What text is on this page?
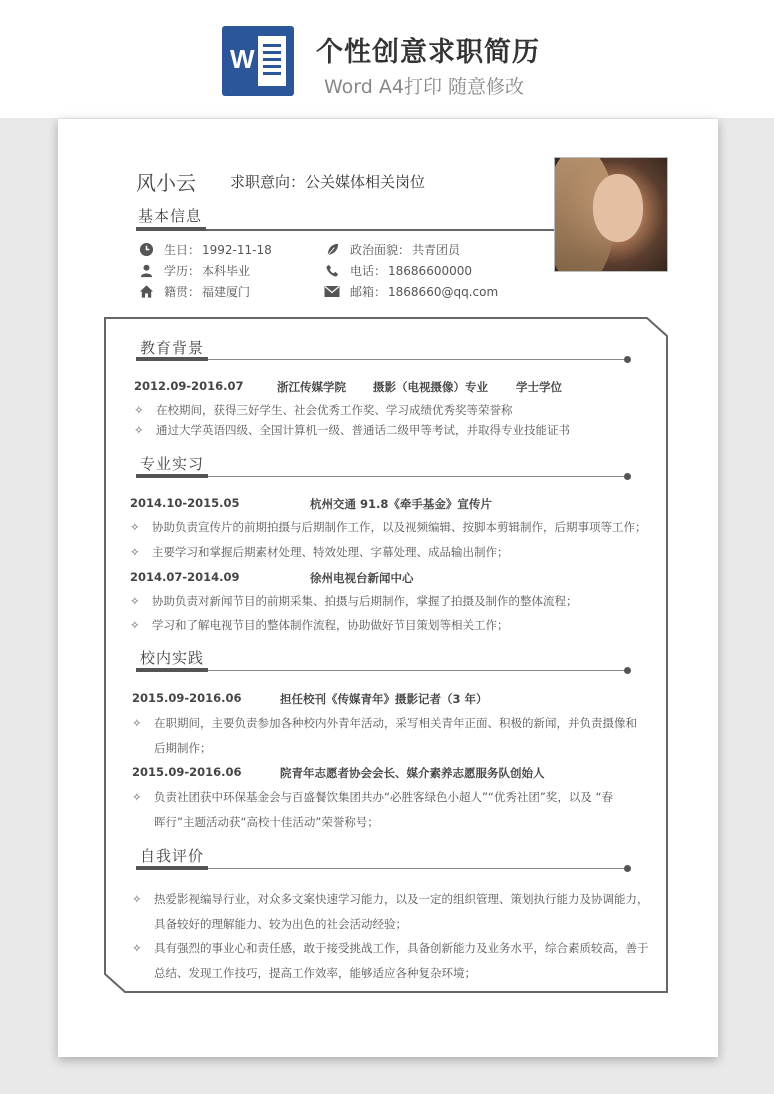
W 个性创意求职简历
Word A4打印 随意修改
风小云 求职意向：公关媒体相关岗位
基本信息
生日： 1992-11-18	政治面貌： 共青团员
学历： 本科毕业	电话： 18686600000
籍贯： 福建厦门	邮箱： 1868660@qq.com
教育背景
2012.09-2016.07	浙江传媒学院 摄影（电视摄像）专业 学士学位
✧ 在校期间，获得三好学生、社会优秀工作奖、学习成绩优秀奖等荣誉称
✧ 通过大学英语四级、全国计算机一级、普通话二级甲等考试，并取得专业技能证书
专业实习
2014.10-2015.05	杭州交通 91.8《牵手基金》宣传片
✧ 协助负责宣传片的前期拍摄与后期制作工作，以及视频编辑、按脚本剪辑制作，后期事项等工作；
✧ 主要学习和掌握后期素材处理、特效处理、字幕处理、成品输出制作；
2014.07-2014.09	徐州电视台新闻中心
✧ 协助负责对新闻节目的前期采集、拍摄与后期制作，掌握了拍摄及制作的整体流程；
✧ 学习和了解电视节目的整体制作流程，协助做好节目策划等相关工作；
校内实践
2015.09-2016.06	担任校刊《传媒青年》摄影记者（3 年）
✧ 在职期间，主要负责参加各种校内外青年活动，采写相关青年正面、积极的新闻，并负责摄像和
后期制作；
2015.09-2016.06	院青年志愿者协会会长、媒介素养志愿服务队创始人
✧ 负责社团获中环保基金会与百盛餐饮集团共办“必胜客绿色小超人”“优秀社团”奖，以及 “春
晖行”主题活动获“高校十佳活动”荣誉称号；
自我评价
✧ 热爱影视编导行业，对众多文案快速学习能力，以及一定的组织管理、策划执行能力及协调能力，
具备较好的理解能力、较为出色的社会活动经验；
✧ 具有强烈的事业心和责任感，敢于接受挑战工作，具备创新能力及业务水平，综合素质较高，善于
总结、发现工作技巧，提高工作效率，能够适应各种复杂环境；
